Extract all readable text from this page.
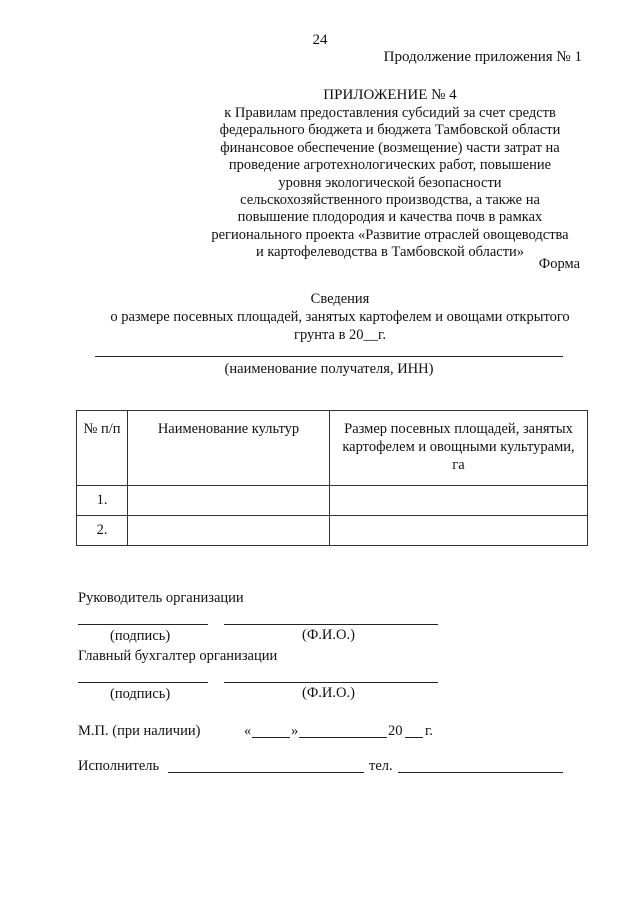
24
Продолжение приложения № 1
ПРИЛОЖЕНИЕ № 4
к Правилам предоставления субсидий за счет средств
федерального бюджета и бюджета Тамбовской области
финансовое обеспечение (возмещение) части затрат на
проведение агротехнологических работ, повышение
уровня экологической безопасности
сельскохозяйственного производства, а также на
повышение плодородия и качества почв в рамках
регионального проекта «Развитие отраслей овощеводства
и картофелеводства в Тамбовской области»
Форма
Сведения
о размере посевных площадей, занятых картофелем и овощами открытого
грунта в 20__г.
(наименование получателя, ИНН)
№ п/п	Наименование культур	Размер посевных площадей, занятых картофелем и овощными культурами, га
1.		
2.		
Руководитель организации
(подпись)	(Ф.И.О.)
Главный бухгалтер организации
(подпись)	(Ф.И.О.)
М.П. (при наличии)	«	»	20 г.
Исполнитель	тел.
